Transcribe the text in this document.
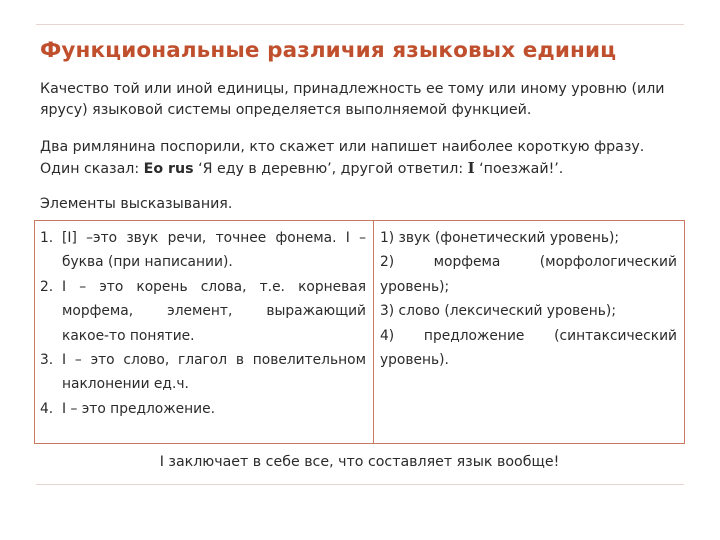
Функциональные различия языковых единиц
Качество той или иной единицы, принадлежность ее тому или иному уровню (или ярусу) языковой системы определяется выполняемой функцией.
Два римлянина поспорили, кто скажет или напишет наиболее короткую фразу.
Один сказал: Eo rus ‘Я еду в деревню’, другой ответил: I ‘поезжай!’.
Элементы высказывания.
1. [I] –это звук речи, точнее фонема. I –
буква (при написании).
2. I – это корень слова, т.е. корневая
морфема, элемент, выражающий
какое-то понятие.
3. I – это слово, глагол в повелительном
наклонении ед.ч.
4. I – это предложение.
1) звук (фонетический уровень);
2) морфема (морфологический
уровень);
3) слово (лексический уровень);
4) предложение (синтаксический
уровень).
I заключает в себе все, что составляет язык вообще!
